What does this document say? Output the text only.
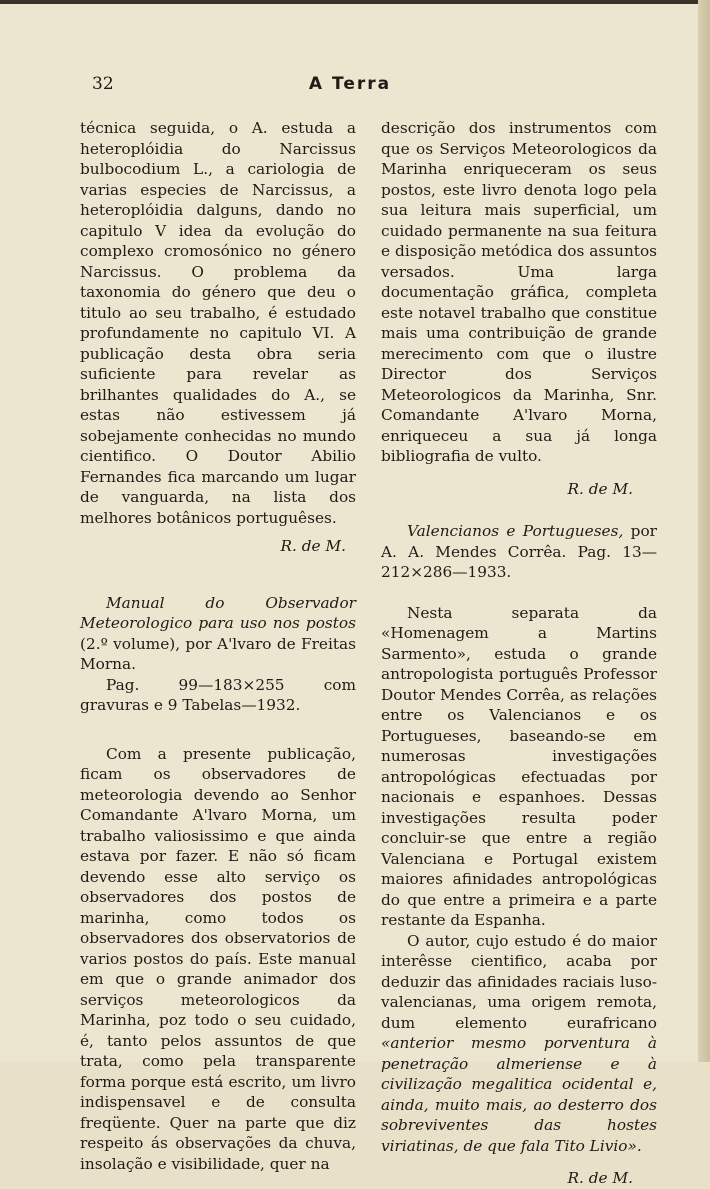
32	A Terra

técnica seguida, o A. estuda a heteroplóidia do Narcissus bulbocodium L., a cariologia de varias especies de Narcissus, a heteroplóidia dalguns, dando no capitulo V idea da evolução do complexo cromosónico no género Narcissus. O problema da taxonomia do género que deu o titulo ao seu trabalho, é estudado profundamente no capitulo VI. A publicação desta obra seria suficiente para revelar as brilhantes qualidades do A., se estas não estivessem já sobejamente conhecidas no mundo cientifico. O Doutor Abilio Fernandes fica marcando um lugar de vanguarda, na lista dos melhores botânicos portuguêses.

R. de M.

Manual do Observador Meteorologico para uso nos postos (2.º volume), por A'lvaro de Freitas Morna.

Pag. 99—183×255 com gravuras e 9 Tabelas—1932.

Com a presente publicação, ficam os observadores de meteorologia devendo ao Senhor Comandante A'lvaro Morna, um trabalho valiosissimo e que ainda estava por fazer. E não só ficam devendo esse alto serviço os observadores dos postos de marinha, como todos os observadores dos observatorios de varios postos do país. Este manual em que o grande animador dos serviços meteorologicos da Marinha, poz todo o seu cuidado, é, tanto pelos assuntos de que trata, como pela transparente forma porque está escrito, um livro indispensavel e de consulta freqüente. Quer na parte que diz respeito ás observações da chuva, insolação e visibilidade, quer na

descrição dos instrumentos com que os Serviços Meteorologicos da Marinha enriqueceram os seus postos, este livro denota logo pela sua leitura mais superficial, um cuidado permanente na sua feitura e disposição metódica dos assuntos versados. Uma larga documentação gráfica, completa este notavel trabalho que constitue mais uma contribuição de grande merecimento com que o ilustre Director dos Serviços Meteorologicos da Marinha, Snr. Comandante A'lvaro Morna, enriqueceu a sua já longa bibliografia de vulto.

R. de M.

Valencianos e Portugueses, por A. A. Mendes Corrêa. Pag. 13—212×286—1933.

Nesta separata da «Homenagem a Martins Sarmento», estuda o grande antropologista português Professor Doutor Mendes Corrêa, as relações entre os Valencianos e os Portugueses, baseando-se em numerosas investigações antropológicas efectuadas por nacionais e espanhoes. Dessas investigações resulta poder concluir-se que entre a região Valenciana e Portugal existem maiores afinidades antropológicas do que entre a primeira e a parte restante da Espanha.

O autor, cujo estudo é do maior interêsse cientifico, acaba por deduzir das afinidades raciais luso-valencianas, uma origem remota, dum elemento eurafricano «anterior mesmo porventura à penetração almeriense e à civilização megalitica ocidental e, ainda, muito mais, ao desterro dos sobreviventes das hostes viriatinas, de que fala Tito Livio».

R. de M.
